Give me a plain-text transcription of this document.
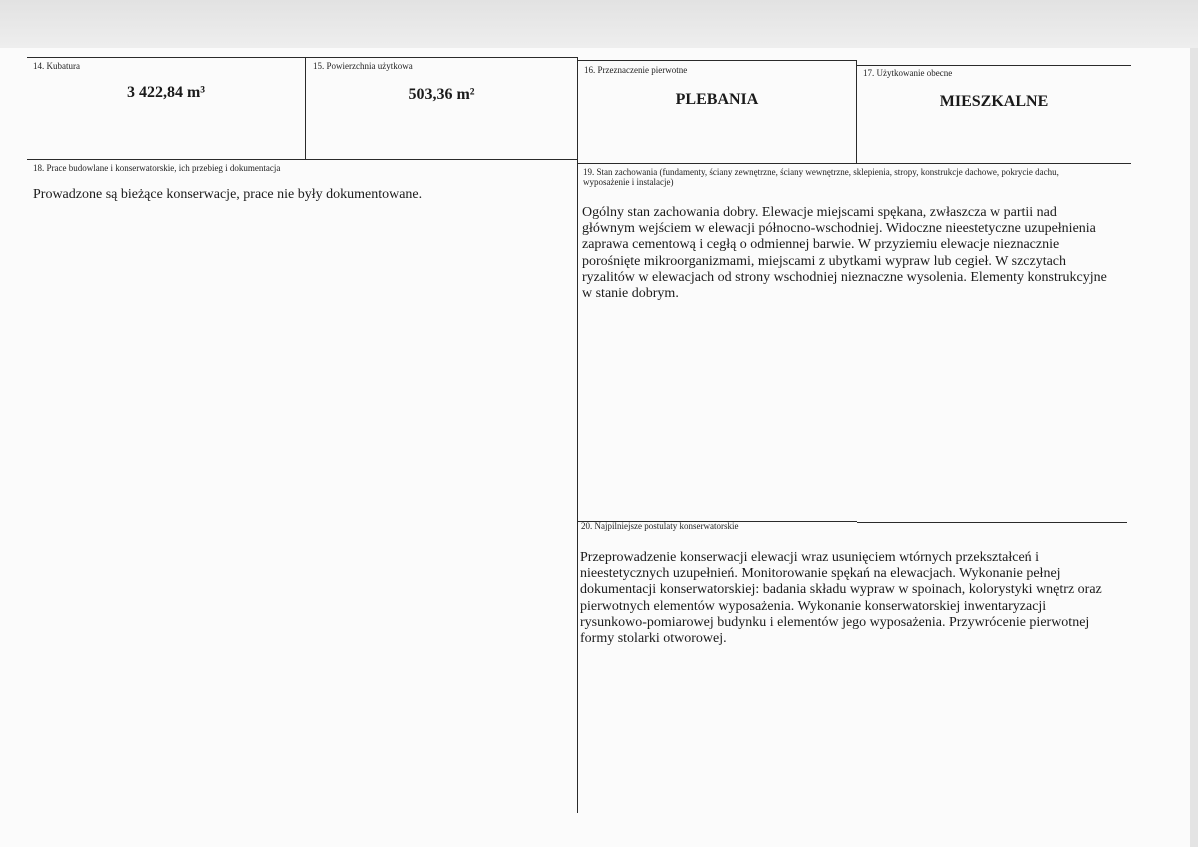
14. Kubatura
3 422,84 m³
15. Powierzchnia użytkowa
503,36 m²
16. Przeznaczenie pierwotne
PLEBANIA
17. Użytkowanie obecne
MIESZKALNE
18. Prace budowlane i konserwatorskie, ich przebieg i dokumentacja
Prowadzone są bieżące konserwacje, prace nie były dokumentowane.
19. Stan zachowania (fundamenty, ściany zewnętrzne, ściany wewnętrzne, sklepienia, stropy, konstrukcje dachowe, pokrycie dachu, wyposażenie i instalacje)
Ogólny stan zachowania dobry. Elewacje miejscami spękana, zwłaszcza w partii nad głównym wejściem w elewacji północno-wschodniej. Widoczne nieestetyczne uzupełnienia zaprawa cementową i cegłą o odmiennej barwie. W przyziemiu elewacje nieznacznie porośnięte mikroorganizmami, miejscami z ubytkami wypraw lub cegieł. W szczytach ryzalitów w elewacjach od strony wschodniej nieznaczne wysolenia. Elementy konstrukcyjne w stanie dobrym.
20. Najpilniejsze postulaty konserwatorskie
Przeprowadzenie konserwacji elewacji wraz usunięciem wtórnych przekształceń i nieestetycznych uzupełnień. Monitorowanie spękań na elewacjach. Wykonanie pełnej dokumentacji konserwatorskiej: badania składu wypraw w spoinach, kolorystyki wnętrz oraz pierwotnych elementów wyposażenia. Wykonanie konserwatorskiej inwentaryzacji rysunkowo-pomiarowej budynku i elementów jego wyposażenia. Przywrócenie pierwotnej formy stolarki otworowej.
